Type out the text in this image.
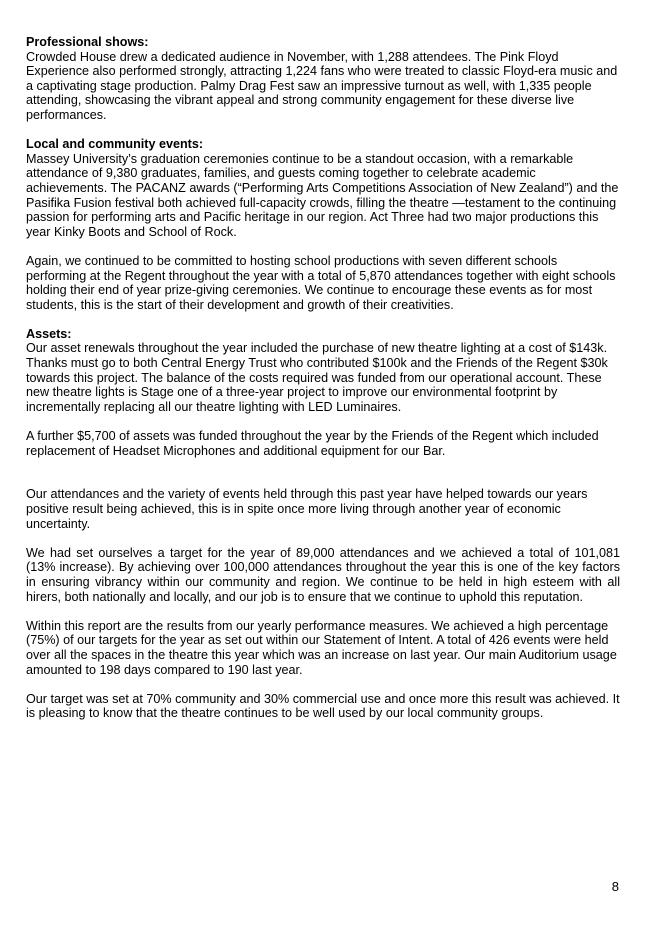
Professional shows:

Crowded House drew a dedicated audience in November, with 1,288 attendees. The Pink Floyd Experience also performed strongly, attracting 1,224 fans who were treated to classic Floyd-era music and a captivating stage production. Palmy Drag Fest saw an impressive turnout as well, with 1,335 people attending, showcasing the vibrant appeal and strong community engagement for these diverse live performances.

Local and community events:

Massey University’s graduation ceremonies continue to be a standout occasion, with a remarkable attendance of 9,380 graduates, families, and guests coming together to celebrate academic achievements. The PACANZ awards (“Performing Arts Competitions Association of New Zealand”) and the Pasifika Fusion festival both achieved full-capacity crowds, filling the theatre —testament to the continuing passion for performing arts and Pacific heritage in our region. Act Three had two major productions this year Kinky Boots and School of Rock.

Again, we continued to be committed to hosting school productions with seven different schools performing at the Regent throughout the year with a total of 5,870 attendances together with eight schools holding their end of year prize-giving ceremonies. We continue to encourage these events as for most students, this is the start of their development and growth of their creativities.

Assets:

Our asset renewals throughout the year included the purchase of new theatre lighting at a cost of $143k. Thanks must go to both Central Energy Trust who contributed $100k and the Friends of the Regent $30k towards this project. The balance of the costs required was funded from our operational account. These new theatre lights is Stage one of a three-year project to improve our environmental footprint by incrementally replacing all our theatre lighting with LED Luminaires.

A further $5,700 of assets was funded throughout the year by the Friends of the Regent which included replacement of Headset Microphones and additional equipment for our Bar.

Our attendances and the variety of events held through this past year have helped towards our years positive result being achieved, this is in spite once more living through another year of economic uncertainty.

We had set ourselves a target for the year of 89,000 attendances and we achieved a total of 101,081 (13% increase). By achieving over 100,000 attendances throughout the year this is one of the key factors in ensuring vibrancy within our community and region. We continue to be held in high esteem with all hirers, both nationally and locally, and our job is to ensure that we continue to uphold this reputation.

Within this report are the results from our yearly performance measures. We achieved a high percentage (75%) of our targets for the year as set out within our Statement of Intent. A total of 426 events were held over all the spaces in the theatre this year which was an increase on last year. Our main Auditorium usage amounted to 198 days compared to 190 last year.

Our target was set at 70% community and 30% commercial use and once more this result was achieved. It is pleasing to know that the theatre continues to be well used by our local community groups.

8
